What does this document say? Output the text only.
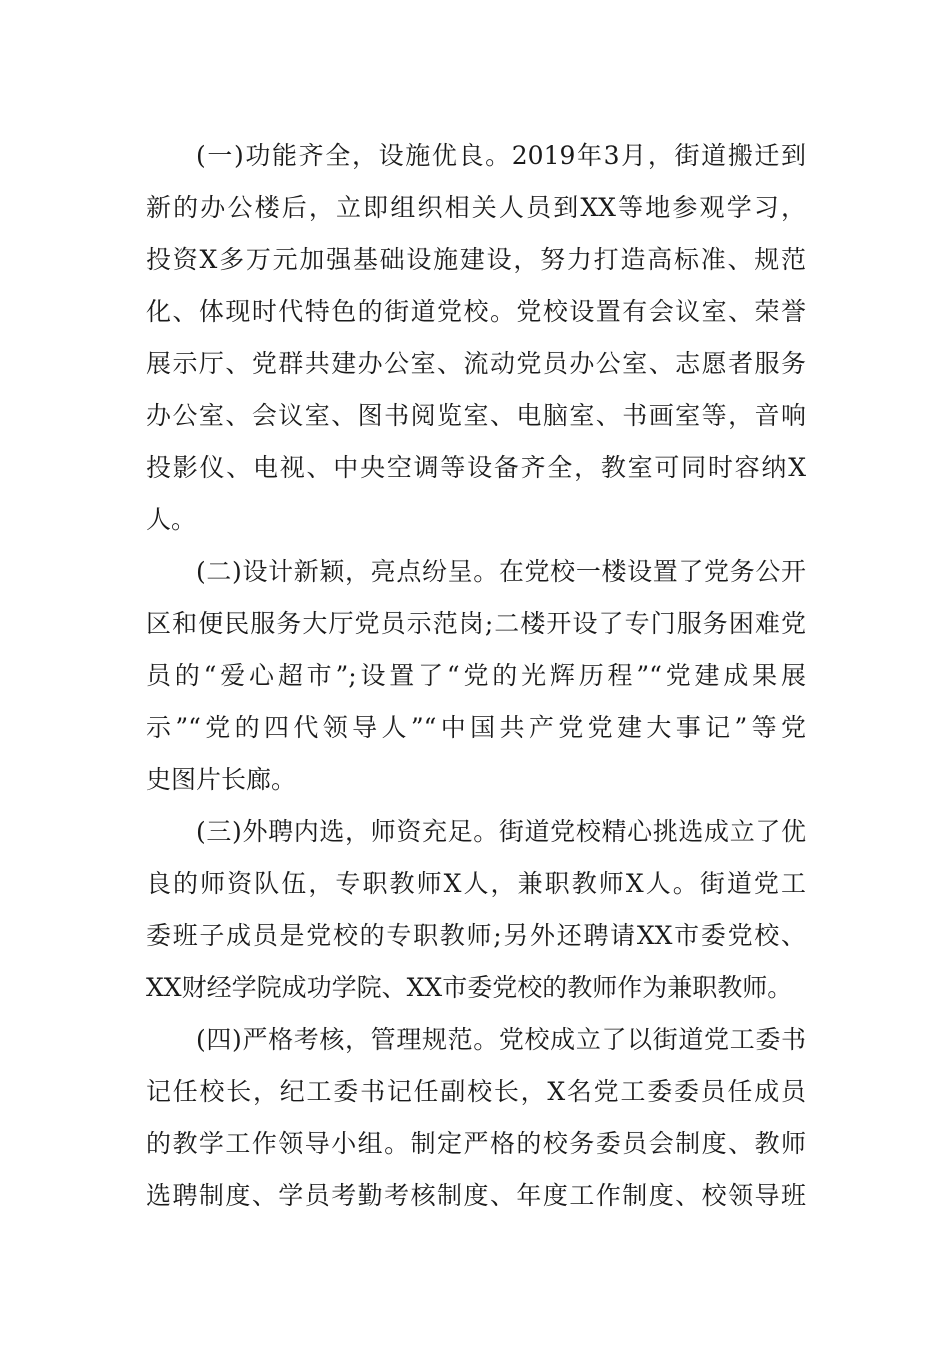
(一)功能齐全，设施优良。2019年3月，街道搬迁到
新的办公楼后，立即组织相关人员到XX等地参观学习，
投资X多万元加强基础设施建设，努力打造高标准、规范
化、体现时代特色的街道党校。党校设置有会议室、荣誉
展示厅、党群共建办公室、流动党员办公室、志愿者服务
办公室、会议室、图书阅览室、电脑室、书画室等，音响
投影仪、电视、中央空调等设备齐全，教室可同时容纳X
人。
(二)设计新颖，亮点纷呈。在党校一楼设置了党务公开
区和便民服务大厅党员示范岗;二楼开设了专门服务困难党
员的“爱心超市”;设置了“党的光辉历程”“党建成果展
示”“党的四代领导人”“中国共产党党建大事记”等党
史图片长廊。
(三)外聘内选，师资充足。街道党校精心挑选成立了优
良的师资队伍，专职教师X人，兼职教师X人。街道党工
委班子成员是党校的专职教师;另外还聘请XX市委党校、
XX财经学院成功学院、XX市委党校的教师作为兼职教师。
(四)严格考核，管理规范。党校成立了以街道党工委书
记任校长，纪工委书记任副校长，X名党工委委员任成员
的教学工作领导小组。制定严格的校务委员会制度、教师
选聘制度、学员考勤考核制度、年度工作制度、校领导班
